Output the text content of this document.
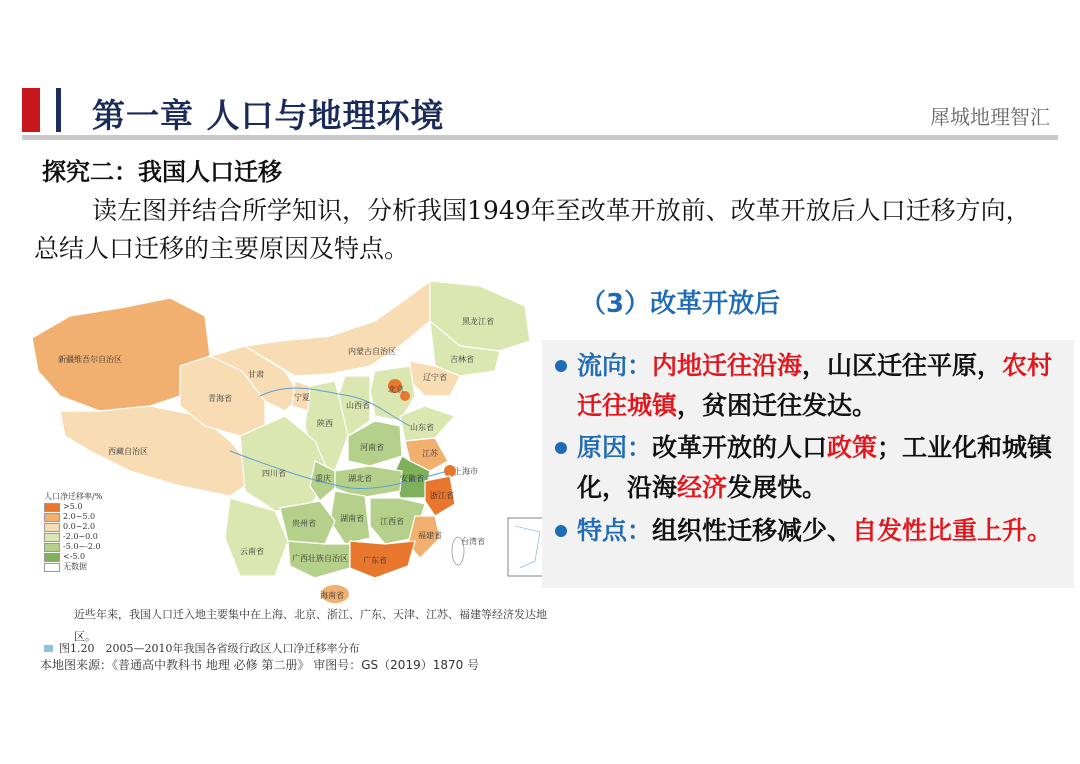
第一章 人口与地理环境	犀城地理智汇
探究二：我国人口迁移
读左图并结合所学知识，分析我国1949年至改革开放前、改革开放后人口迁移方向，总结人口迁移的主要原因及特点。
新疆维吾尔自治区
西藏自治区
青海省
甘肃
内蒙古自治区
黑龙江省
吉林省
辽宁省
北京
山西省
陕西
宁夏
山东省
河南省
江苏
上海市
安徽省
湖北省
四川省
重庆
浙江省
湖南省 江西省
福建省
贵州省
云南省
广西壮族自治区 广东省
海南省
台湾省
人口净迁移率/%
>5.0
2.0~5.0
0.0~2.0
-2.0~0.0
-5.0~-2.0
<-5.0
无数据
近些年来，我国人口迁入地主要集中在上海、北京、浙江、广东、天津、江苏、福建等经济发达地区。
图1.20　2005—2010年我国各省级行政区人口净迁移率分布
本地图来源：《普通高中教科书 地理 必修 第二册》 审图号：GS（2019）1870 号
（3）改革开放后
流向：内地迁往沿海，山区迁往平原，农村迁往城镇，贫困迁往发达。
原因：改革开放的人口政策；工业化和城镇化，沿海经济发展快。
特点：组织性迁移减少、自发性比重上升。
